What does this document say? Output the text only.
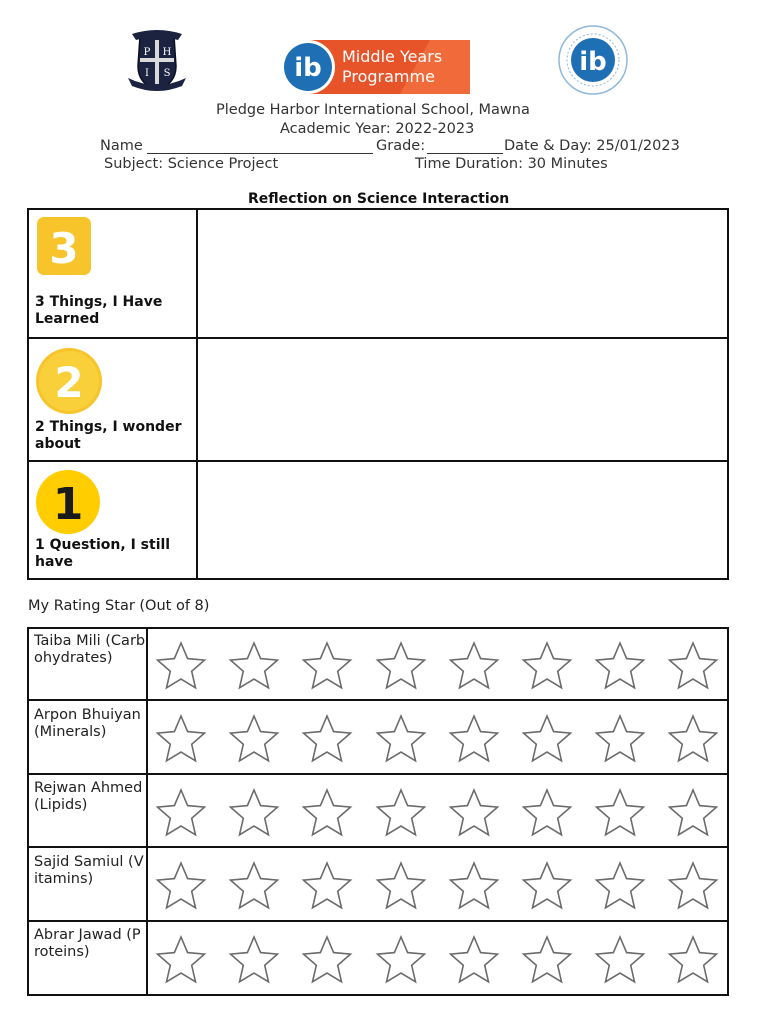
P H
I S	ib Middle Years
Programme	ib
Pledge Harbor International School, Mawna
Academic Year: 2022-2023
Name	Grade:	Date & Day: 25/01/2023
Subject: Science Project	Time Duration: 30 Minutes
Reflection on Science Interaction
3
3 Things, I Have Learned
2
2 Things, I wonder about
1
1 Question, I still have
My Rating Star (Out of 8)
Taiba Mili (Carbohydrates)
Arpon Bhuiyan (Minerals)
Rejwan Ahmed (Lipids)
Sajid Samiul (Vitamins)
Abrar Jawad (Proteins)
